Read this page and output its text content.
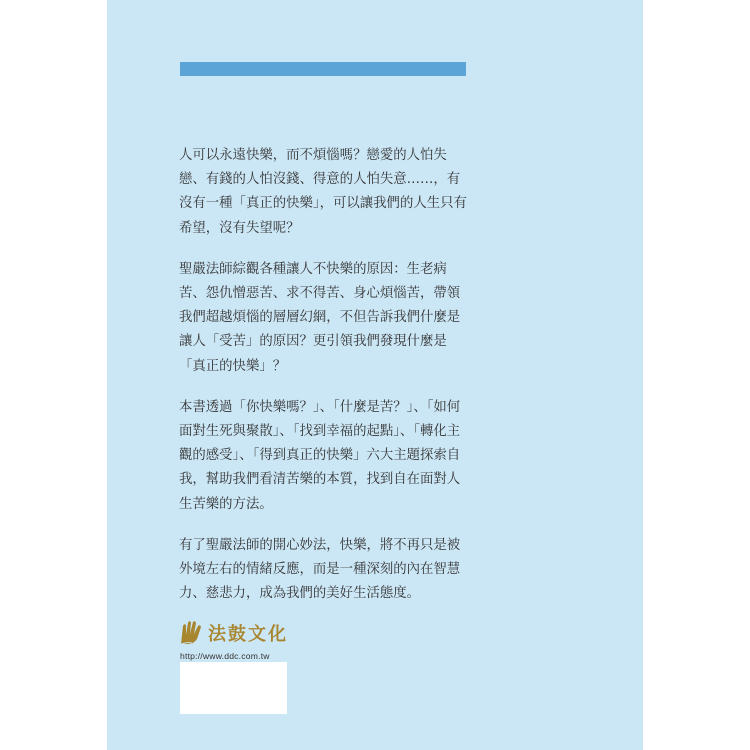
人可以永遠快樂，而不煩惱嗎？戀愛的人怕失戀、有錢的人怕沒錢、得意的人怕失意……，有沒有一種「真正的快樂」，可以讓我們的人生只有希望，沒有失望呢？

聖嚴法師綜觀各種讓人不快樂的原因：生老病苦、怨仇憎惡苦、求不得苦、身心煩惱苦，帶領我們超越煩惱的層層幻網，不但告訴我們什麼是讓人「受苦」的原因？更引領我們發現什麼是「真正的快樂」？

本書透過「你快樂嗎？」、「什麼是苦？」、「如何面對生死與聚散」、「找到幸福的起點」、「轉化主觀的感受」、「得到真正的快樂」六大主題探索自我，幫助我們看清苦樂的本質，找到自在面對人生苦樂的方法。

有了聖嚴法師的開心妙法，快樂，將不再只是被外境左右的情緒反應，而是一種深刻的內在智慧力、慈悲力，成為我們的美好生活態度。

法鼓文化
http://www.ddc.com.tw
